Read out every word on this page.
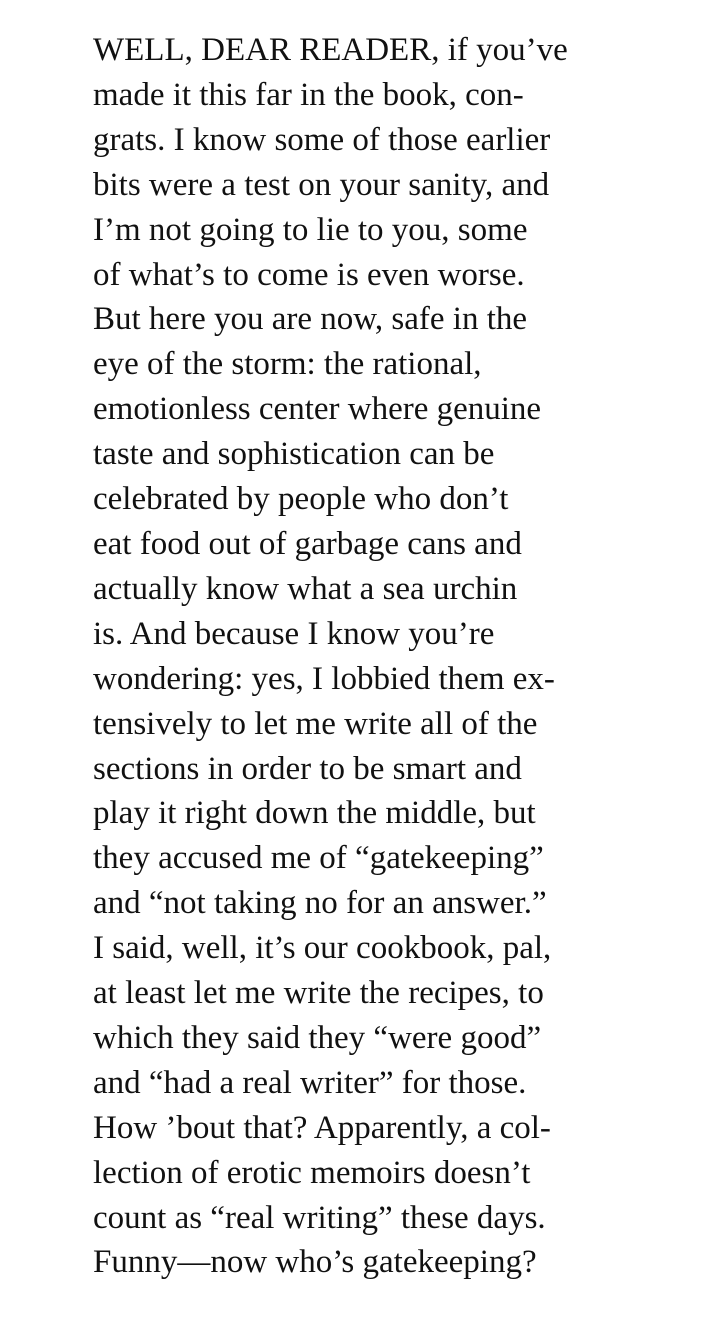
WELL, DEAR READER, if you’ve
made it this far in the book, con-
grats. I know some of those earlier
bits were a test on your sanity, and
I’m not going to lie to you, some
of what’s to come is even worse.
But here you are now, safe in the
eye of the storm: the rational,
emotionless center where genuine
taste and sophistication can be
celebrated by people who don’t
eat food out of garbage cans and
actually know what a sea urchin
is. And because I know you’re
wondering: yes, I lobbied them ex-
tensively to let me write all of the
sections in order to be smart and
play it right down the middle, but
they accused me of “gatekeeping”
and “not taking no for an answer.”
I said, well, it’s our cookbook, pal,
at least let me write the recipes, to
which they said they “were good”
and “had a real writer” for those.
How ’bout that? Apparently, a col-
lection of erotic memoirs doesn’t
count as “real writing” these days.
Funny—now who’s gatekeeping?
